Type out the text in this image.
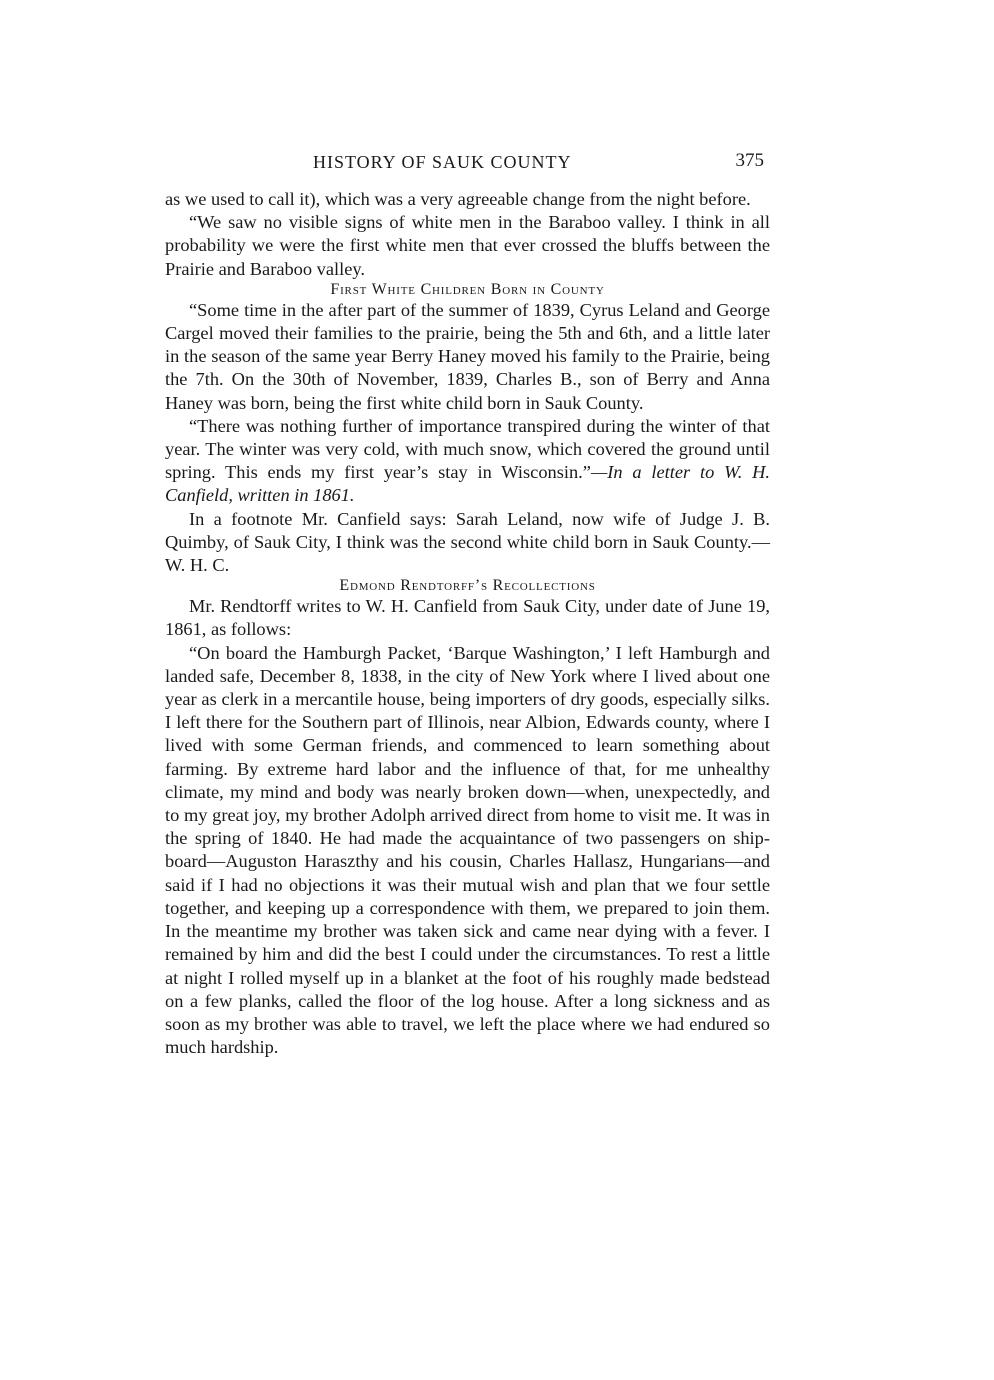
HISTORY OF SAUK COUNTY	375

as we used to call it), which was a very agreeable change from the night before.

“We saw no visible signs of white men in the Baraboo valley. I think in all probability we were the first white men that ever crossed the bluffs between the Prairie and Baraboo valley.

First White Children Born in County

“Some time in the after part of the summer of 1839, Cyrus Leland and George Cargel moved their families to the prairie, being the 5th and 6th, and a little later in the season of the same year Berry Haney moved his family to the Prairie, being the 7th. On the 30th of November, 1839, Charles B., son of Berry and Anna Haney was born, being the first white child born in Sauk County.

“There was nothing further of importance transpired during the winter of that year. The winter was very cold, with much snow, which covered the ground until spring. This ends my first year’s stay in Wisconsin.”—In a letter to W. H. Canfield, written in 1861.

In a footnote Mr. Canfield says: Sarah Leland, now wife of Judge J. B. Quimby, of Sauk City, I think was the second white child born in Sauk County.—W. H. C.

Edmond Rendtorff’s Recollections

Mr. Rendtorff writes to W. H. Canfield from Sauk City, under date of June 19, 1861, as follows:

“On board the Hamburgh Packet, ‘Barque Washington,’ I left Hamburgh and landed safe, December 8, 1838, in the city of New York where I lived about one year as clerk in a mercantile house, being importers of dry goods, especially silks. I left there for the Southern part of Illinois, near Albion, Edwards county, where I lived with some German friends, and commenced to learn something about farming. By extreme hard labor and the influence of that, for me unhealthy climate, my mind and body was nearly broken down—when, unexpectedly, and to my great joy, my brother Adolph arrived direct from home to visit me. It was in the spring of 1840. He had made the acquaintance of two passengers on ship-board—Auguston Haraszthy and his cousin, Charles Hallasz, Hungarians—and said if I had no objections it was their mutual wish and plan that we four settle together, and keeping up a correspondence with them, we prepared to join them. In the meantime my brother was taken sick and came near dying with a fever. I remained by him and did the best I could under the circumstances. To rest a little at night I rolled myself up in a blanket at the foot of his roughly made bedstead on a few planks, called the floor of the log house. After a long sickness and as soon as my brother was able to travel, we left the place where we had endured so much hardship.
